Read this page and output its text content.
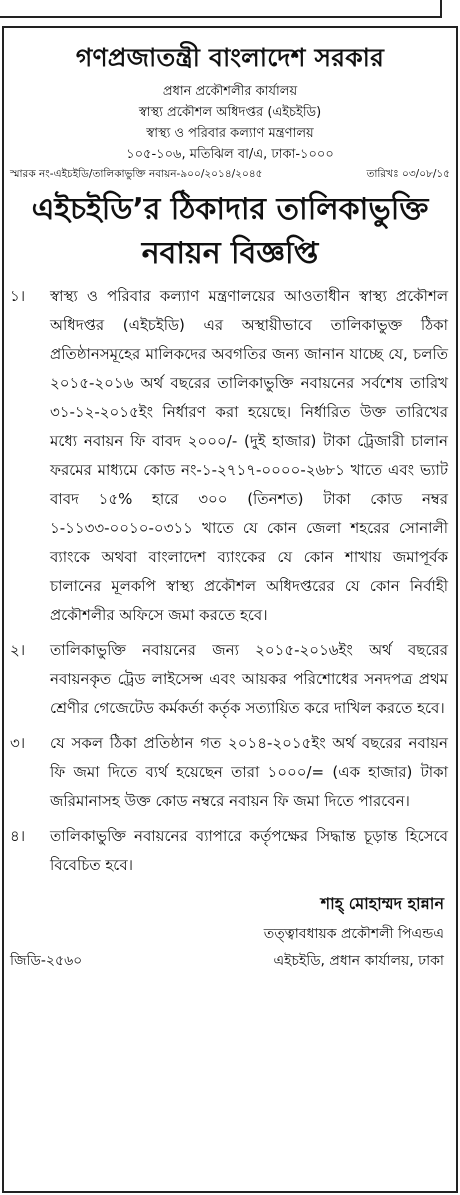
গণপ্রজাতন্ত্রী বাংলাদেশ সরকার
প্রধান প্রকৌশলীর কার্যালয়
স্বাস্থ্য প্রকৌশল অধিদপ্তর (এইচইডি)
স্বাস্থ্য ও পরিবার কল্যাণ মন্ত্রণালয়
১০৫-১০৬, মতিঝিল বা/এ, ঢাকা-১০০০
স্মারক নং-এইচইডি/তালিকাভুক্তি নবায়ন-৯০০/২০১৪/২০৪৫	তারিখঃ ০৩/০৮/১৫
এইচইডি’র ঠিকাদার তালিকাভুক্তি
নবায়ন বিজ্ঞপ্তি
১।	স্বাস্থ্য ও পরিবার কল্যাণ মন্ত্রণালয়ের আওতাধীন স্বাস্থ্য প্রকৌশল অধিদপ্তর (এইচইডি) এর অস্থায়ীভাবে তালিকাভুক্ত ঠিকা প্রতিষ্ঠানসমূহের মালিকদের অবগতির জন্য জানান যাচ্ছে যে, চলতি ২০১৫-২০১৬ অর্থ বছরের তালিকাভুক্তি নবায়নের সর্বশেষ তারিখ ৩১-১২-২০১৫ইং নির্ধারণ করা হয়েছে। নির্ধারিত উক্ত তারিখের মধ্যে নবায়ন ফি বাবদ ২০০০/- (দুই হাজার) টাকা ট্রেজারী চালান ফরমের মাধ্যমে কোড নং-১-২৭১৭-০০০০-২৬৮১ খাতে এবং ভ্যাট বাবদ ১৫% হারে ৩০০ (তিনশত) টাকা কোড নম্বর ১-১১৩৩-০০১০-০৩১১ খাতে যে কোন জেলা শহরের সোনালী ব্যাংকে অথবা বাংলাদেশ ব্যাংকের যে কোন শাখায় জমাপূর্বক চালানের মূলকপি স্বাস্থ্য প্রকৌশল অধিদপ্তরের যে কোন নির্বাহী প্রকৌশলীর অফিসে জমা করতে হবে।
২।	তালিকাভুক্তি নবায়নের জন্য ২০১৫-২০১৬ইং অর্থ বছরের নবায়নকৃত ট্রেড লাইসেন্স এবং আয়কর পরিশোধের সনদপত্র প্রথম শ্রেণীর গেজেটেড কর্মকর্তা কর্তৃক সত্যায়িত করে দাখিল করতে হবে।
৩।	যে সকল ঠিকা প্রতিষ্ঠান গত ২০১৪-২০১৫ইং অর্থ বছরের নবায়ন ফি জমা দিতে ব্যর্থ হয়েছেন তারা ১০০০/= (এক হাজার) টাকা জরিমানাসহ উক্ত কোড নম্বরে নবায়ন ফি জমা দিতে পারবেন।
৪।	তালিকাভুক্তি নবায়নের ব্যাপারে কর্তৃপক্ষের সিদ্ধান্ত চূড়ান্ত হিসেবে বিবেচিত হবে।
শাহ্ মোহাম্মদ হান্নান
তত্ত্বাবধায়ক প্রকৌশলী পিএন্ডএ
জিডি-২৫৬০	এইচইডি, প্রধান কার্যালয়, ঢাকা
